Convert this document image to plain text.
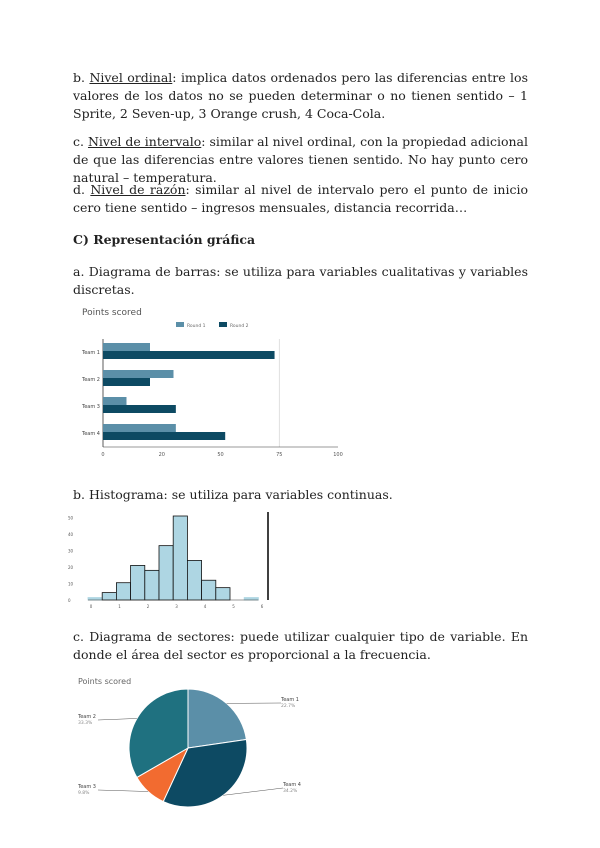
b. Nivel ordinal: implica datos ordenados pero las diferencias entre los valores de los datos no se pueden determinar o no tienen sentido – 1 Sprite, 2 Seven-up, 3 Orange crush, 4 Coca-Cola.

c. Nivel de intervalo: similar al nivel ordinal, con la propiedad adicional de que las diferencias entre valores tienen sentido. No hay punto cero natural – temperatura.

d. Nivel de razón: similar al nivel de intervalo pero el punto de inicio cero tiene sentido – ingresos mensuales, distancia recorrida…

C) Representación gráfica

a. Diagrama de barras: se utiliza para variables cualitativas y variables discretas.

Points scored
Round 1	Round 2
Team 1
Team 2
Team 3
Team 4
0	20	50	75	100

b. Histograma: se utiliza para variables continuas.

0
10
20
30
40
50
0	1	2	3	4	5	6

c. Diagrama de sectores: puede utilizar cualquier tipo de variable. En donde el área del sector es proporcional a la frecuencia.

Points scored
Team 1
22.7%
Team 4
34.2%
Team 3
9.8%
Team 2
33.3%
